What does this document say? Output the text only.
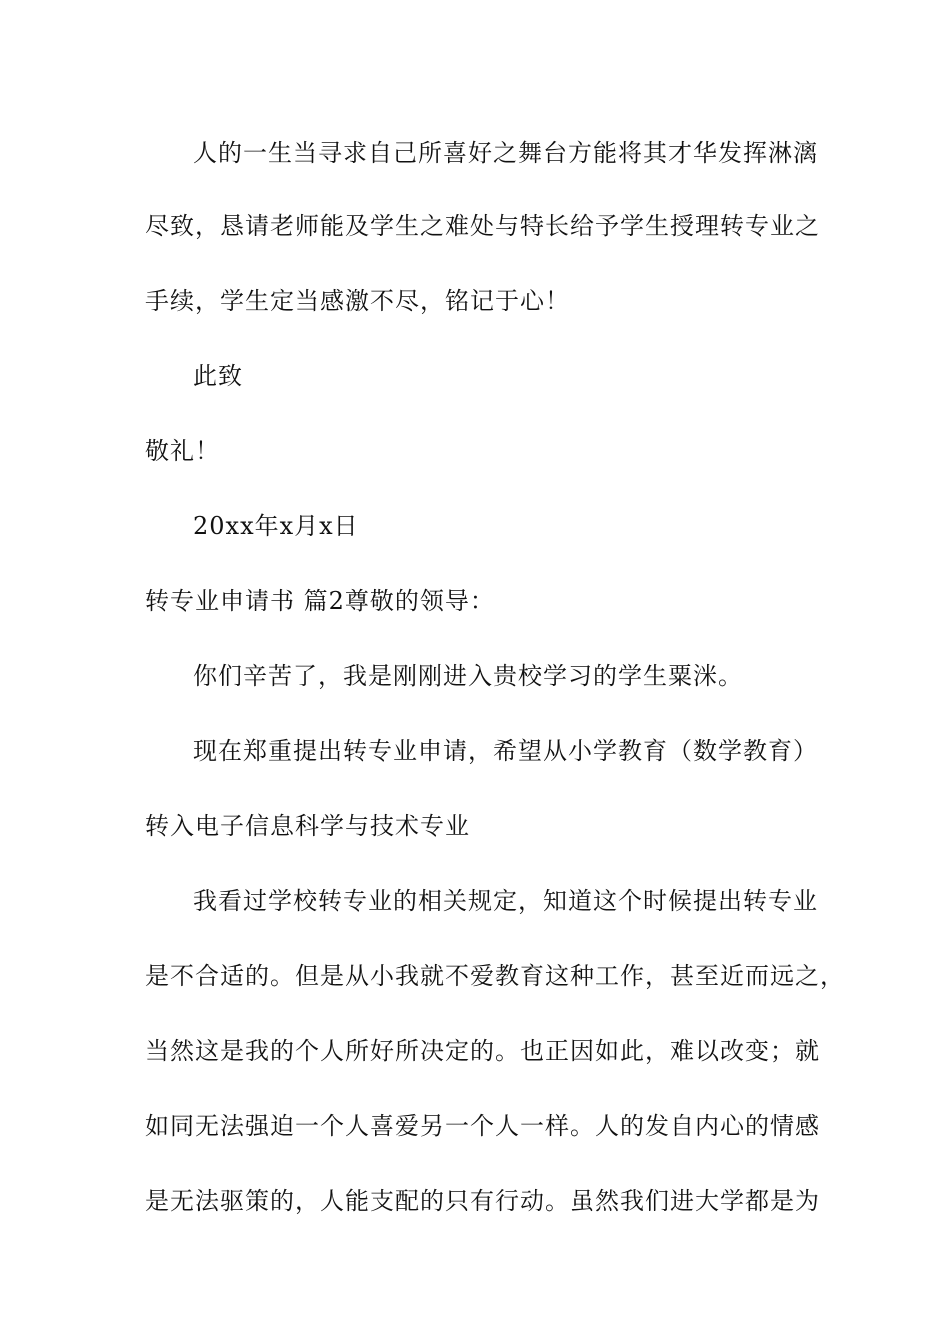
人的一生当寻求自己所喜好之舞台方能将其才华发挥淋漓
尽致，恳请老师能及学生之难处与特长给予学生授理转专业之
手续，学生定当感激不尽，铭记于心！
此致
敬礼！
20xx年x月x日
转专业申请书 篇2尊敬的领导：
你们辛苦了，我是刚刚进入贵校学习的学生粟洣。
现在郑重提出转专业申请，希望从小学教育（数学教育）
转入电子信息科学与技术专业
我看过学校转专业的相关规定，知道这个时候提出转专业
是不合适的。但是从小我就不爱教育这种工作，甚至近而远之，
当然这是我的个人所好所决定的。也正因如此，难以改变；就
如同无法强迫一个人喜爱另一个人一样。人的发自内心的情感
是无法驱策的，人能支配的只有行动。虽然我们进大学都是为
